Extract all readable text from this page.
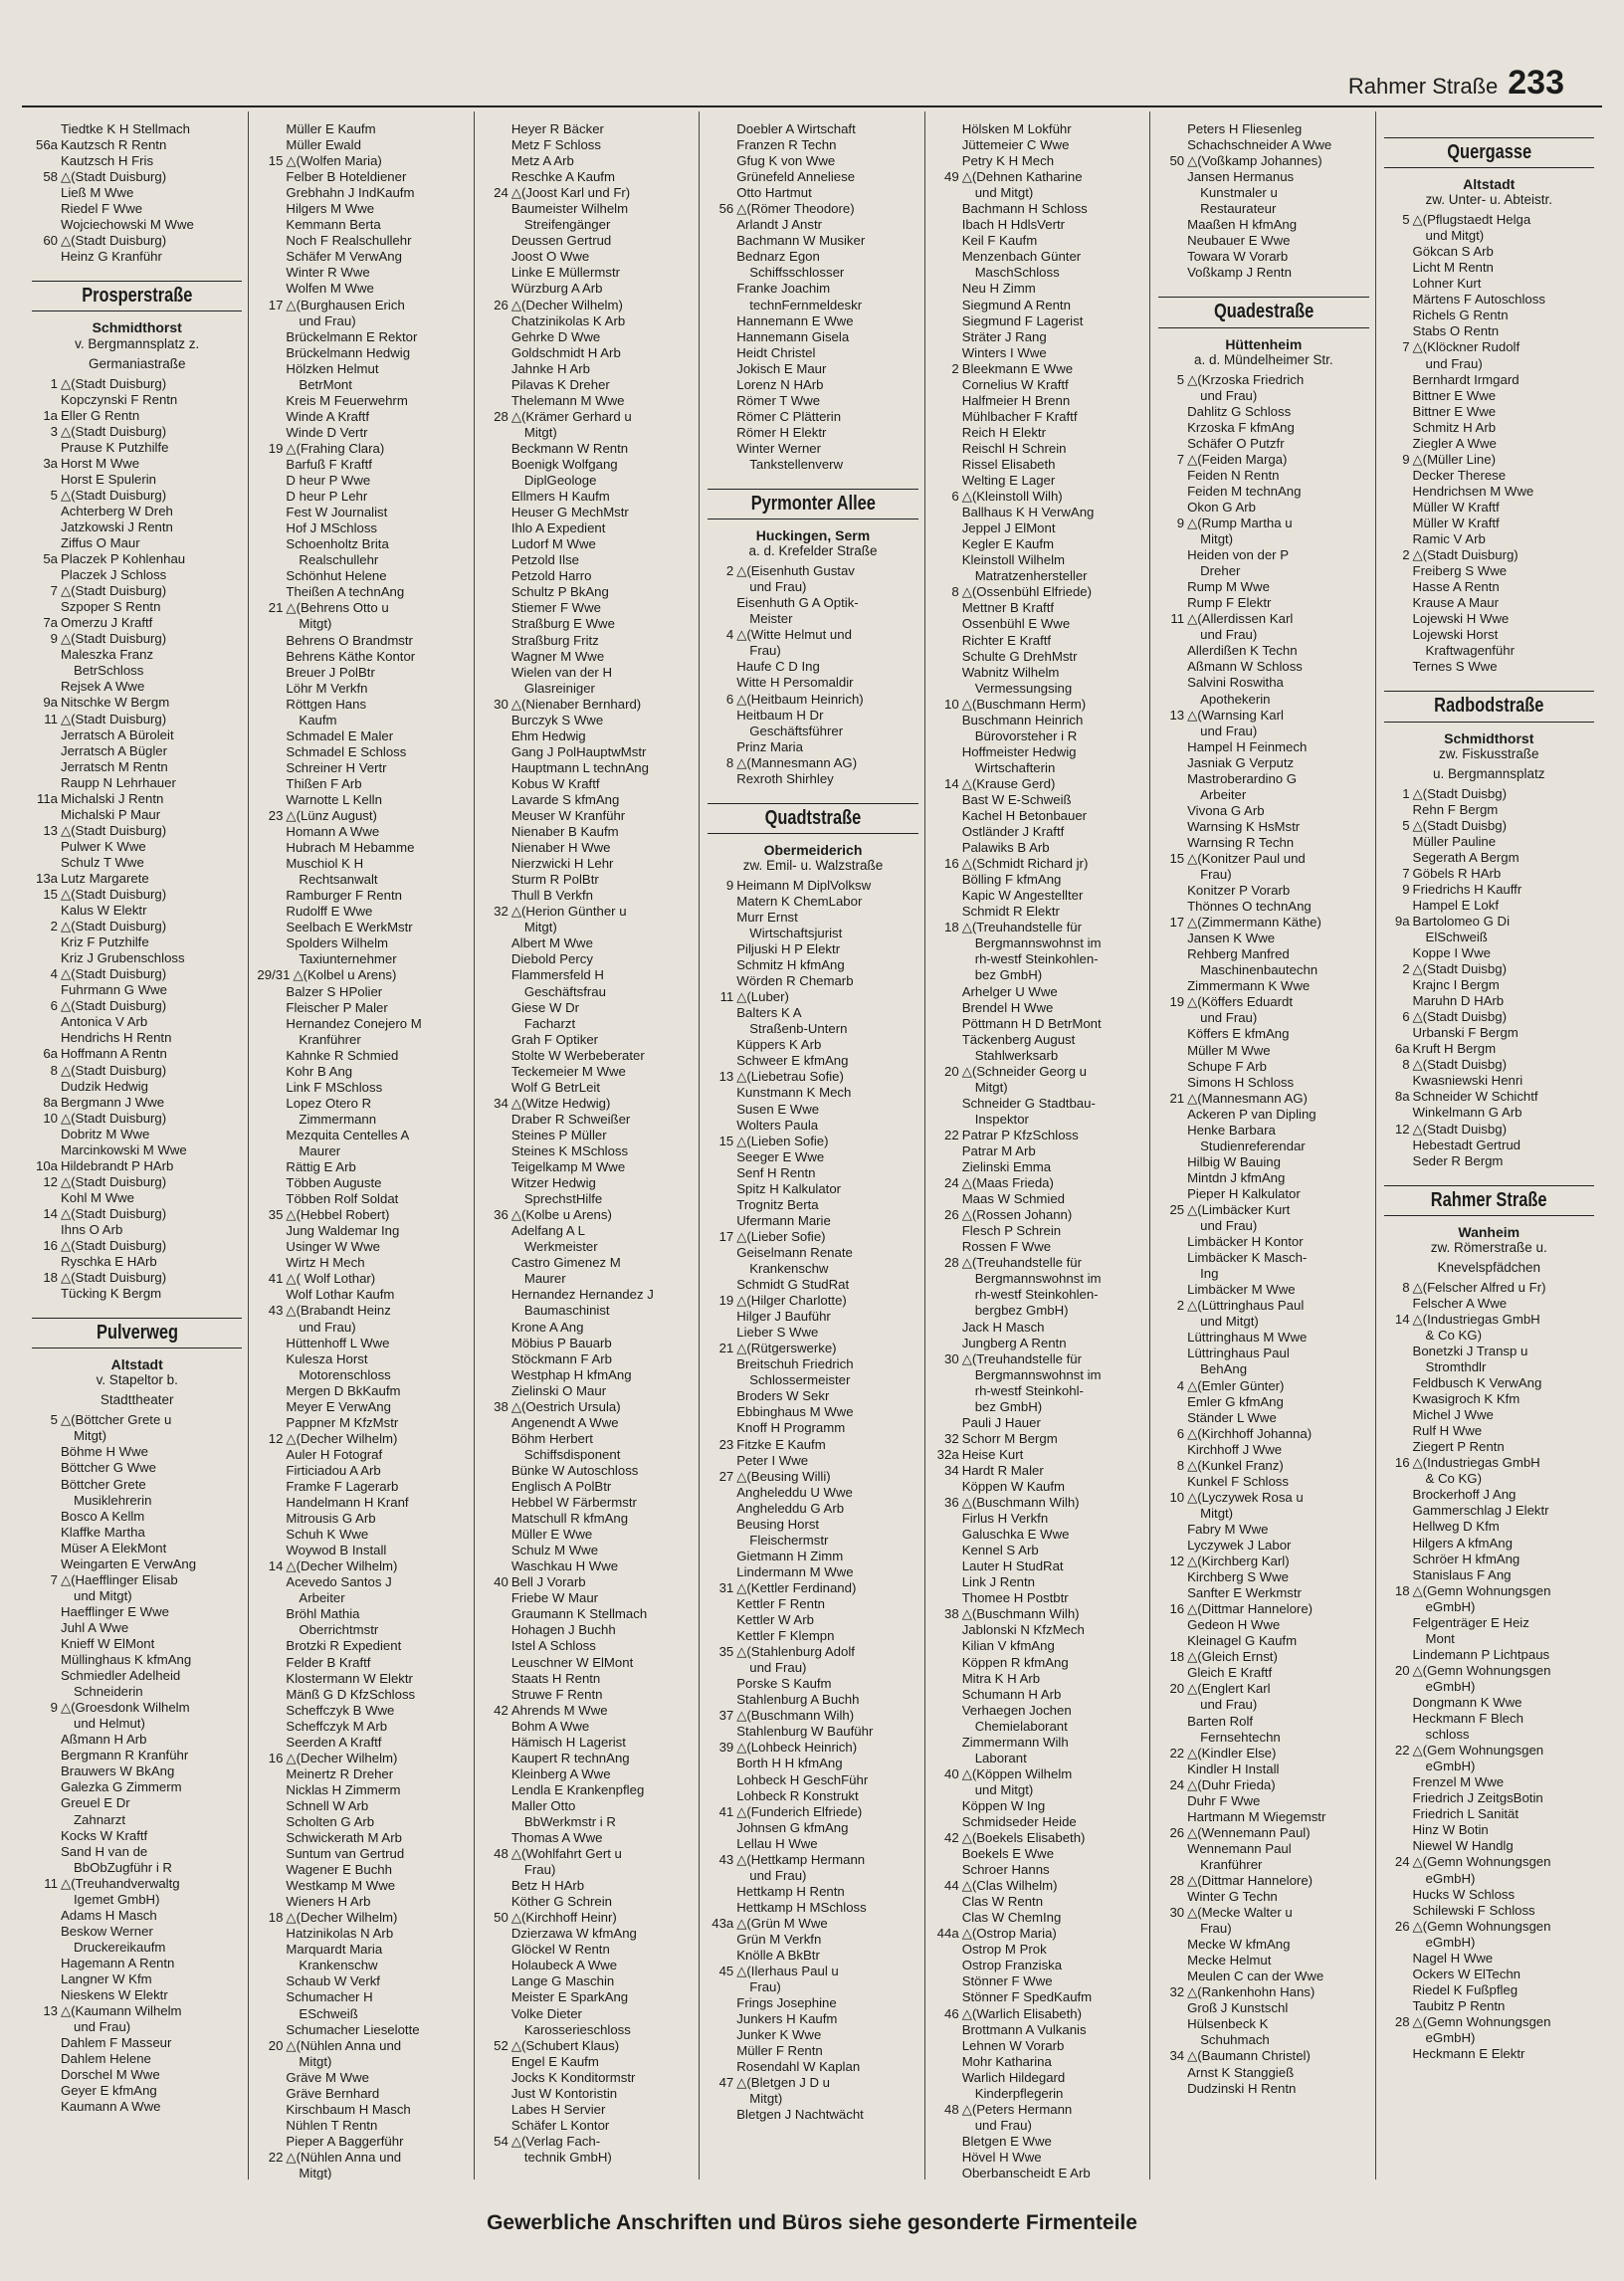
Rahmer Straße 233
Tiedtke K H Stellmach
56a Kautzsch R Rentn
Kautzsch H Fris
58 △(Stadt Duisburg)
Ließ M Wwe
Riedel F Wwe
Wojciechowski M Wwe
60 △(Stadt Duisburg)
Heinz G Kranführ
Prosperstraße
Schmidthorst
v. Bergmannsplatz z.
Germaniastraße
1 △(Stadt Duisburg)
Kopczynski F Rentn
1a Eller G Rentn
3 △(Stadt Duisburg)
Prause K Putzhilfe
3a Horst M Wwe
Horst E Spulerin
5 △(Stadt Duisburg)
Achterberg W Dreh
Jatzkowski J Rentn
Ziffus O Maur
5a Placzek P Kohlenhau
Placzek J Schloss
7 △(Stadt Duisburg)
Szpoper S Rentn
7a Omerzu J Kraftf
9 △(Stadt Duisburg)
Maleszka Franz
BetrSchloss
Rejsek A Wwe
9a Nitschke W Bergm
11 △(Stadt Duisburg)
Jerratsch A Büroleit
Jerratsch A Bügler
Jerratsch M Rentn
Raupp N Lehrhauer
11a Michalski J Rentn
Michalski P Maur
13 △(Stadt Duisburg)
Pulwer K Wwe
Schulz T Wwe
13a Lutz Margarete
15 △(Stadt Duisburg)
Kalus W Elektr
2 △(Stadt Duisburg)
Kriz F Putzhilfe
Kriz J Grubenschloss
4 △(Stadt Duisburg)
Fuhrmann G Wwe
6 △(Stadt Duisburg)
Antonica V Arb
Hendrichs H Rentn
6a Hoffmann A Rentn
8 △(Stadt Duisburg)
Dudzik Hedwig
8a Bergmann J Wwe
10 △(Stadt Duisburg)
Dobritz M Wwe
Marcinkowski M Wwe
10a Hildebrandt P HArb
12 △(Stadt Duisburg)
Kohl M Wwe
14 △(Stadt Duisburg)
Ihns O Arb
16 △(Stadt Duisburg)
Ryschka E HArb
18 △(Stadt Duisburg)
Tücking K Bergm
Pulverweg
Altstadt
v. Stapeltor b.
Stadttheater
5 △(Böttcher Grete u
Mitgt)
Böhme H Wwe
Böttcher G Wwe
Böttcher Grete
Musiklehrerin
Bosco A Kellm
Klaffke Martha
Müser A ElekMont
Weingarten E VerwAng
7 △(Haefflinger Elisab
und Mitgt)
Haefflinger E Wwe
Juhl A Wwe
Knieff W ElMont
Müllinghaus K kfmAng
Schmiedler Adelheid
Schneiderin
9 △(Groesdonk Wilhelm
und Helmut)
Aßmann H Arb
Bergmann R Kranführ
Brauwers W BkAng
Galezka G Zimmerm
Greuel E Dr
Zahnarzt
Kocks W Kraftf
Sand H van de
BbObZugführ i R
11 △(Treuhandverwaltg
Igemet GmbH)
Adams H Masch
Beskow Werner
Druckereikaufm
Hagemann A Rentn
Langner W Kfm
Nieskens W Elektr
13 △(Kaumann Wilhelm
und Frau)
Dahlem F Masseur
Dahlem Helene
Dorschel M Wwe
Geyer E kfmAng
Kaumann A Wwe
Müller E Kaufm
Müller Ewald
15 △(Wolfen Maria)
Felber B Hoteldiener
Grebhahn J IndKaufm
Hilgers M Wwe
Kemmann Berta
Noch F Realschullehr
Schäfer M VerwAng
Winter R Wwe
Wolfen M Wwe
17 △(Burghausen Erich
und Frau)
Brückelmann E Rektor
Brückelmann Hedwig
Hölzken Helmut
BetrMont
Kreis M Feuerwehrm
Winde A Kraftf
Winde D Vertr
19 △(Frahing Clara)
Barfuß F Kraftf
D heur P Wwe
D heur P Lehr
Fest W Journalist
Hof J MSchloss
Schoenholtz Brita
Realschullehr
Schönhut Helene
Theißen A technAng
21 △(Behrens Otto u
Mitgt)
Behrens O Brandmstr
Behrens Käthe Kontor
Breuer J PolBtr
Löhr M Verkfn
Röttgen Hans
Kaufm
Schmadel E Maler
Schmadel E Schloss
Schreiner H Vertr
Thißen F Arb
Warnotte L Kelln
23 △(Lünz August)
Homann A Wwe
Hubrach M Hebamme
Muschiol K H
Rechtsanwalt
Ramburger F Rentn
Rudolff E Wwe
Seelbach E WerkMstr
Spolders Wilhelm
Taxiunternehmer
29/31 △(Kolbel u Arens)
Balzer S HPolier
Fleischer P Maler
Hernandez Conejero M
Kranführer
Kahnke R Schmied
Kohr B Ang
Link F MSchloss
Lopez Otero R
Zimmermann
Mezquita Centelles A
Maurer
Rättig E Arb
Többen Auguste
Többen Rolf Soldat
35 △(Hebbel Robert)
Jung Waldemar Ing
Usinger W Wwe
Wirtz H Mech
41 △( Wolf Lothar)
Wolf Lothar Kaufm
43 △(Brabandt Heinz
und Frau)
Hüttenhoff L Wwe
Kulesza Horst
Motorenschloss
Mergen D BkKaufm
Meyer E VerwAng
Pappner M KfzMstr
12 △(Decher Wilhelm)
Auler H Fotograf
Firticiadou A Arb
Framke F Lagerarb
Handelmann H Kranf
Mitrousis G Arb
Schuh K Wwe
Woywod B Install
14 △(Decher Wilhelm)
Acevedo Santos J
Arbeiter
Bröhl Mathia
Oberrichtmstr
Brotzki R Expedient
Felder B Kraftf
Klostermann W Elektr
Mänß G D KfzSchloss
Scheffczyk B Wwe
Scheffczyk M Arb
Seerden A Kraftf
16 △(Decher Wilhelm)
Meinertz R Dreher
Nicklas H Zimmerm
Schnell W Arb
Scholten G Arb
Schwickerath M Arb
Suntum van Gertrud
Wagener E Buchh
Westkamp M Wwe
Wieners H Arb
18 △(Decher Wilhelm)
Hatzinikolas N Arb
Marquardt Maria
Krankenschw
Schaub W Verkf
Schumacher H
ESchweiß
Schumacher Lieselotte
20 △(Nühlen Anna und
Mitgt)
Gräve M Wwe
Gräve Bernhard
Kirschbaum H Masch
Nühlen T Rentn
Pieper A Baggerführ
22 △(Nühlen Anna und
Mitgt)
Heyer R Bäcker
Metz F Schloss
Metz A Arb
Reschke A Kaufm
24 △(Joost Karl und Fr)
Baumeister Wilhelm
Streifengänger
Deussen Gertrud
Joost O Wwe
Linke E Müllermstr
Würzburg A Arb
26 △(Decher Wilhelm)
Chatzinikolas K Arb
Gehrke D Wwe
Goldschmidt H Arb
Jahnke H Arb
Pilavas K Dreher
Thelemann M Wwe
28 △(Krämer Gerhard u
Mitgt)
Beckmann W Rentn
Boenigk Wolfgang
DiplGeologe
Ellmers H Kaufm
Heuser G MechMstr
Ihlo A Expedient
Ludorf M Wwe
Petzold Ilse
Petzold Harro
Schultz P BkAng
Stiemer F Wwe
Straßburg E Wwe
Straßburg Fritz
Wagner M Wwe
Wielen van der H
Glasreiniger
30 △(Nienaber Bernhard)
Burczyk S Wwe
Ehm Hedwig
Gang J PolHauptwMstr
Hauptmann L technAng
Kobus W Kraftf
Lavarde S kfmAng
Meuser W Kranführ
Nienaber B Kaufm
Nienaber H Wwe
Nierzwicki H Lehr
Sturm R PolBtr
Thull B Verkfn
32 △(Herion Günther u
Mitgt)
Albert M Wwe
Diebold Percy
Flammersfeld H
Geschäftsfrau
Giese W Dr
Facharzt
Grah F Optiker
Stolte W Werbeberater
Teckemeier M Wwe
Wolf G BetrLeit
34 △(Witze Hedwig)
Draber R Schweißer
Steines P Müller
Steines K MSchloss
Teigelkamp M Wwe
Witzer Hedwig
SprechstHilfe
36 △(Kolbe u Arens)
Adelfang A L
Werkmeister
Castro Gimenez M
Maurer
Hernandez Hernandez J
Baumaschinist
Krone A Ang
Möbius P Bauarb
Stöckmann F Arb
Westphap H kfmAng
Zielinski O Maur
38 △(Oestrich Ursula)
Angenendt A Wwe
Böhm Herbert
Schiffsdisponent
Bünke W Autoschloss
Englisch A PolBtr
Hebbel W Färbermstr
Matschull R kfmAng
Müller E Wwe
Schulz M Wwe
Waschkau H Wwe
40 Bell J Vorarb
Friebe W Maur
Graumann K Stellmach
Hohagen J Buchh
Istel A Schloss
Leuschner W ElMont
Staats H Rentn
Struwe F Rentn
42 Ahrends M Wwe
Bohm A Wwe
Hämisch H Lagerist
Kaupert R technAng
Kleinberg A Wwe
Lendla E Krankenpfleg
Maller Otto
BbWerkmstr i R
Thomas A Wwe
48 △(Wohlfahrt Gert u
Frau)
Betz H HArb
Köther G Schrein
50 △(Kirchhoff Heinr)
Dzierzawa W kfmAng
Glöckel W Rentn
Holaubeck A Wwe
Lange G Maschin
Meister E SparkAng
Volke Dieter
Karosserieschloss
52 △(Schubert Klaus)
Engel E Kaufm
Jocks K Konditormstr
Just W Kontoristin
Labes H Servier
Schäfer L Kontor
54 △(Verlag Fach-
technik GmbH)
Doebler A Wirtschaft
Franzen R Techn
Gfug K von Wwe
Grünefeld Anneliese
Otto Hartmut
56 △(Römer Theodore)
Arlandt J Anstr
Bachmann W Musiker
Bednarz Egon
Schiffsschlosser
Franke Joachim
technFernmeldeskr
Hannemann E Wwe
Hannemann Gisela
Heidt Christel
Jokisch E Maur
Lorenz N HArb
Römer T Wwe
Römer C Plätterin
Römer H Elektr
Winter Werner
Tankstellenverw
Pyrmonter Allee
Huckingen, Serm
a. d. Krefelder Straße
2 △(Eisenhuth Gustav
und Frau)
Eisenhuth G A Optik-
Meister
4 △(Witte Helmut und
Frau)
Haufe C D Ing
Witte H Persomaldir
6 △(Heitbaum Heinrich)
Heitbaum H Dr
Geschäftsführer
Prinz Maria
8 △(Mannesmann AG)
Rexroth Shirhley
Quadtstraße
Obermeiderich
zw. Emil- u. Walzstraße
9 Heimann M DiplVolksw
Matern K ChemLabor
Murr Ernst
Wirtschaftsjurist
Piljuski H P Elektr
Schmitz H kfmAng
Wörden R Chemarb
11 △(Luber)
Balters K A
Straßenb-Untern
Küppers K Arb
Schweer E kfmAng
13 △(Liebetrau Sofie)
Kunstmann K Mech
Susen E Wwe
Wolters Paula
15 △(Lieben Sofie)
Seeger E Wwe
Senf H Rentn
Spitz H Kalkulator
Trognitz Berta
Ufermann Marie
17 △(Lieber Sofie)
Geiselmann Renate
Krankenschw
Schmidt G StudRat
19 △(Hilger Charlotte)
Hilger J Bauführ
Lieber S Wwe
21 △(Rütgerswerke)
Breitschuh Friedrich
Schlossermeister
Broders W Sekr
Ebbinghaus M Wwe
Knoff H Programm
23 Fitzke E Kaufm
Peter I Wwe
27 △(Beusing Willi)
Angheleddu U Wwe
Angheleddu G Arb
Beusing Horst
Fleischermstr
Gietmann H Zimm
Lindermann M Wwe
31 △(Kettler Ferdinand)
Kettler F Rentn
Kettler W Arb
Kettler F Klempn
35 △(Stahlenburg Adolf
und Frau)
Porske S Kaufm
Stahlenburg A Buchh
37 △(Buschmann Wilh)
Stahlenburg W Bauführ
39 △(Lohbeck Heinrich)
Borth H H kfmAng
Lohbeck H GeschFühr
Lohbeck R Konstrukt
41 △(Funderich Elfriede)
Johnsen G kfmAng
Lellau H Wwe
43 △(Hettkamp Hermann
und Frau)
Hettkamp H Rentn
Hettkamp H MSchloss
43a △(Grün M Wwe
Grün M Verkfn
Knölle A BkBtr
45 △(Ilerhaus Paul u
Frau)
Frings Josephine
Junkers H Kaufm
Junker K Wwe
Müller F Rentn
Rosendahl W Kaplan
47 △(Bletgen J D u
Mitgt)
Bletgen J Nachtwächt
Hölsken M Lokführ
Jüttemeier C Wwe
Petry K H Mech
49 △(Dehnen Katharine
und Mitgt)
Bachmann H Schloss
Ibach H HdlsVertr
Keil F Kaufm
Menzenbach Günter
MaschSchloss
Neu H Zimm
Siegmund A Rentn
Siegmund F Lagerist
Sträter J Rang
Winters I Wwe
2 Bleekmann E Wwe
Cornelius W Kraftf
Halfmeier H Brenn
Mühlbacher F Kraftf
Reich H Elektr
Reischl H Schrein
Rissel Elisabeth
Welting E Lager
6 △(Kleinstoll Wilh)
Ballhaus K H VerwAng
Jeppel J ElMont
Kegler E Kaufm
Kleinstoll Wilhelm
Matratzenhersteller
8 △(Ossenbühl Elfriede)
Mettner B Kraftf
Ossenbühl E Wwe
Richter E Kraftf
Schulte G DrehMstr
Wabnitz Wilhelm
Vermessungsing
10 △(Buschmann Herm)
Buschmann Heinrich
Bürovorsteher i R
Hoffmeister Hedwig
Wirtschafterin
14 △(Krause Gerd)
Bast W E-Schweiß
Kachel H Betonbauer
Ostländer J Kraftf
Palawiks B Arb
16 △(Schmidt Richard jr)
Bölling F kfmAng
Kapic W Angestellter
Schmidt R Elektr
18 △(Treuhandstelle für
Bergmannswohnst im
rh-westf Steinkohlen-
bez GmbH)
Arhelger U Wwe
Brendel H Wwe
Pöttmann H D BetrMont
Täckenberg August
Stahlwerksarb
20 △(Schneider Georg u
Mitgt)
Schneider G Stadtbau-
Inspektor
22 Patrar P KfzSchloss
Patrar M Arb
Zielinski Emma
24 △(Maas Frieda)
Maas W Schmied
26 △(Rossen Johann)
Flesch P Schrein
Rossen F Wwe
28 △(Treuhandstelle für
Bergmannswohnst im
rh-westf Steinkohlen-
bergbez GmbH)
Jack H Masch
Jungberg A Rentn
30 △(Treuhandstelle für
Bergmannswohnst im
rh-westf Steinkohl-
bez GmbH)
Pauli J Hauer
32 Schorr M Bergm
32a Heise Kurt
34 Hardt R Maler
Köppen W Kaufm
36 △(Buschmann Wilh)
Firlus H Verkfn
Galuschka E Wwe
Kennel S Arb
Lauter H StudRat
Link J Rentn
Thomee H Postbtr
38 △(Buschmann Wilh)
Jablonski N KfzMech
Kilian V kfmAng
Köppen R kfmAng
Mitra K H Arb
Schumann H Arb
Verhaegen Jochen
Chemielaborant
Zimmermann Wilh
Laborant
40 △(Köppen Wilhelm
und Mitgt)
Köppen W Ing
Schmidseder Heide
42 △(Boekels Elisabeth)
Boekels E Wwe
Schroer Hanns
44 △(Clas Wilhelm)
Clas W Rentn
Clas W ChemIng
44a △(Ostrop Maria)
Ostrop M Prok
Ostrop Franziska
Stönner F Wwe
Stönner F SpedKaufm
46 △(Warlich Elisabeth)
Brottmann A Vulkanis
Lehnen W Vorarb
Mohr Katharina
Warlich Hildegard
Kinderpflegerin
48 △(Peters Hermann
und Frau)
Bletgen E Wwe
Hövel H Wwe
Oberbanscheidt E Arb
Peters H Fliesenleg
Schachschneider A Wwe
50 △(Voßkamp Johannes)
Jansen Hermanus
Kunstmaler u
Restaurateur
Maaßen H kfmAng
Neubauer E Wwe
Towara W Vorarb
Voßkamp J Rentn
Quadestraße
Hüttenheim
a. d. Mündelheimer Str.
5 △(Krzoska Friedrich
und Frau)
Dahlitz G Schloss
Krzoska F kfmAng
Schäfer O Putzfr
7 △(Feiden Marga)
Feiden N Rentn
Feiden M technAng
Okon G Arb
9 △(Rump Martha u
Mitgt)
Heiden von der P
Dreher
Rump M Wwe
Rump F Elektr
11 △(Allerdissen Karl
und Frau)
Allerdißen K Techn
Aßmann W Schloss
Salvini Roswitha
Apothekerin
13 △(Warnsing Karl
und Frau)
Hampel H Feinmech
Jasniak G Verputz
Mastroberardino G
Arbeiter
Vivona G Arb
Warnsing K HsMstr
Warnsing R Techn
15 △(Konitzer Paul und
Frau)
Konitzer P Vorarb
Thönnes O technAng
17 △(Zimmermann Käthe)
Jansen K Wwe
Rehberg Manfred
Maschinenbautechn
Zimmermann K Wwe
19 △(Köffers Eduardt
und Frau)
Köffers E kfmAng
Müller M Wwe
Schupe F Arb
Simons H Schloss
21 △(Mannesmann AG)
Ackeren P van Dipling
Henke Barbara
Studienreferendar
Hilbig W Bauing
Mintdn J kfmAng
Pieper H Kalkulator
25 △(Limbäcker Kurt
und Frau)
Limbäcker H Kontor
Limbäcker K Masch-
Ing
Limbäcker M Wwe
2 △(Lüttringhaus Paul
und Mitgt)
Lüttringhaus M Wwe
Lüttringhaus Paul
BehAng
4 △(Emler Günter)
Emler G kfmAng
Ständer L Wwe
6 △(Kirchhoff Johanna)
Kirchhoff J Wwe
8 △(Kunkel Franz)
Kunkel F Schloss
10 △(Lyczywek Rosa u
Mitgt)
Fabry M Wwe
Lyczywek J Labor
12 △(Kirchberg Karl)
Kirchberg S Wwe
Sanfter E Werkmstr
16 △(Dittmar Hannelore)
Gedeon H Wwe
Kleinagel G Kaufm
18 △(Gleich Ernst)
Gleich E Kraftf
20 △(Englert Karl
und Frau)
Barten Rolf
Fernsehtechn
22 △(Kindler Else)
Kindler H Install
24 △(Duhr Frieda)
Duhr F Wwe
Hartmann M Wiegemstr
26 △(Wennemann Paul)
Wennemann Paul
Kranführer
28 △(Dittmar Hannelore)
Winter G Techn
30 △(Mecke Walter u
Frau)
Mecke W kfmAng
Mecke Helmut
Meulen C can der Wwe
32 △(Rankenhohn Hans)
Groß J Kunstschl
Hülsenbeck K
Schuhmach
34 △(Baumann Christel)
Arnst K Stanggieß
Dudzinski H Rentn
Quergasse
Altstadt
zw. Unter- u. Abteistr.
5 △(Pflugstaedt Helga
und Mitgt)
Gökcan S Arb
Licht M Rentn
Lohner Kurt
Märtens F Autoschloss
Richels G Rentn
Stabs O Rentn
7 △(Klöckner Rudolf
und Frau)
Bernhardt Irmgard
Bittner E Wwe
Bittner E Wwe
Schmitz H Arb
Ziegler A Wwe
9 △(Müller Line)
Decker Therese
Hendrichsen M Wwe
Müller W Kraftf
Müller W Kraftf
Ramic V Arb
2 △(Stadt Duisburg)
Freiberg S Wwe
Hasse A Rentn
Krause A Maur
Lojewski H Wwe
Lojewski Horst
Kraftwagenführ
Ternes S Wwe
Radbodstraße
Schmidthorst
zw. Fiskusstraße
u. Bergmannsplatz
1 △(Stadt Duisbg)
Rehn F Bergm
5 △(Stadt Duisbg)
Müller Pauline
Segerath A Bergm
7 Göbels R HArb
9 Friedrichs H Kauffr
Hampel E Lokf
9a Bartolomeo G Di
ElSchweiß
Koppe I Wwe
2 △(Stadt Duisbg)
Krajnc I Bergm
Maruhn D HArb
6 △(Stadt Duisbg)
Urbanski F Bergm
6a Kruft H Bergm
8 △(Stadt Duisbg)
Kwasniewski Henri
8a Schneider W Schichtf
Winkelmann G Arb
12 △(Stadt Duisbg)
Hebestadt Gertrud
Seder R Bergm
Rahmer Straße
Wanheim
zw. Römerstraße u.
Knevelspfädchen
8 △(Felscher Alfred u Fr)
Felscher A Wwe
14 △(Industriegas GmbH
& Co KG)
Bonetzki J Transp u
Stromthdlr
Feldbusch K VerwAng
Kwasigroch K Kfm
Michel J Wwe
Rulf H Wwe
Ziegert P Rentn
16 △(Industriegas GmbH
& Co KG)
Brockerhoff J Ang
Gammerschlag J Elektr
Hellweg D Kfm
Hilgers A kfmAng
Schröer H kfmAng
Stanislaus F Ang
18 △(Gemn Wohnungsgen
eGmbH)
Felgenträger E Heiz
Mont
Lindemann P Lichtpaus
20 △(Gemn Wohnungsgen
eGmbH)
Dongmann K Wwe
Heckmann F Blech
schloss
22 △(Gem Wohnungsgen
eGmbH)
Frenzel M Wwe
Friedrich J ZeitgsBotin
Friedrich L Sanität
Hinz W Botin
Niewel W Handlg
24 △(Gemn Wohnungsgen
eGmbH)
Hucks W Schloss
Schilewski F Schloss
26 △(Gemn Wohnungsgen
eGmbH)
Nagel H Wwe
Ockers W ElTechn
Riedel K Fußpfleg
Taubitz P Rentn
28 △(Gemn Wohnungsgen
eGmbH)
Heckmann E Elektr
Gewerbliche Anschriften und Büros siehe gesonderte Firmenteile
